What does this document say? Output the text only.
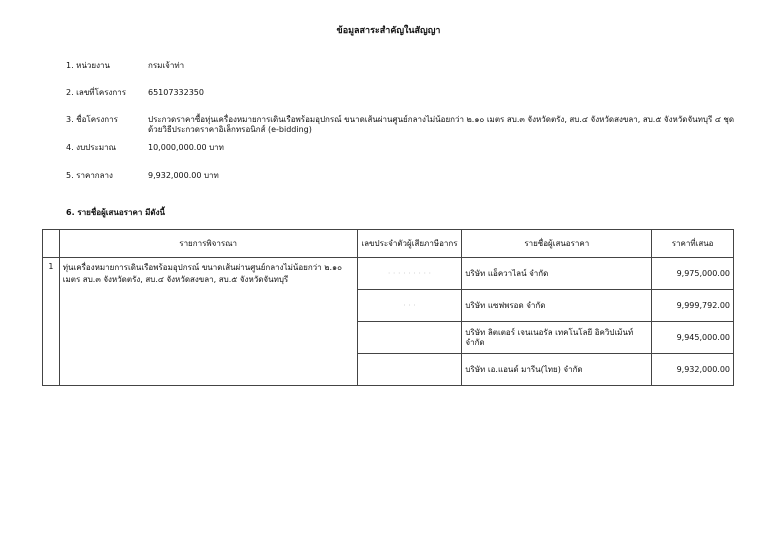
ข้อมูลสาระสำคัญในสัญญา
1. หน่วยงาน	กรมเจ้าท่า
2. เลขที่โครงการ	65107332350
3. ชื่อโครงการ	ประกวดราคาซื้อทุ่นเครื่องหมายการเดินเรือพร้อมอุปกรณ์ ขนาดเส้นผ่านศูนย์กลางไม่น้อยกว่า ๒.๑๐ เมตร สบ.๓ จังหวัดตรัง, สบ.๔ จังหวัดสงขลา, สบ.๕ จังหวัดจันทบุรี ๔ ชุด ด้วยวิธีประกวดราคาอิเล็กทรอนิกส์ (e-bidding)
4. งบประมาณ	10,000,000.00 บาท
5. ราคากลาง	9,932,000.00 บาท
6. รายชื่อผู้เสนอราคา มีดังนี้
	รายการพิจารณา	เลขประจำตัวผู้เสียภาษีอากร	รายชื่อผู้เสนอราคา	ราคาที่เสนอ
1	ทุ่นเครื่องหมายการเดินเรือพร้อมอุปกรณ์ ขนาดเส้นผ่านศูนย์กลางไม่น้อยกว่า ๒.๑๐ เมตร สบ.๓ จังหวัดตรัง, สบ.๔ จังหวัดสงขลา, สบ.๕ จังหวัดจันทบุรี	· · · · · · · · ·	บริษัท แอ็ควาไลน์ จำกัด	9,975,000.00
		· · ·	บริษัท แซฟพรอด จำกัด	9,999,792.00
			บริษัท ลิตเตอร์ เจนเนอรัล เทคโนโลยี อิควิปเม้นท์ จำกัด	9,945,000.00
			บริษัท เอ.แอนด์ มารีน(ไทย) จำกัด	9,932,000.00
